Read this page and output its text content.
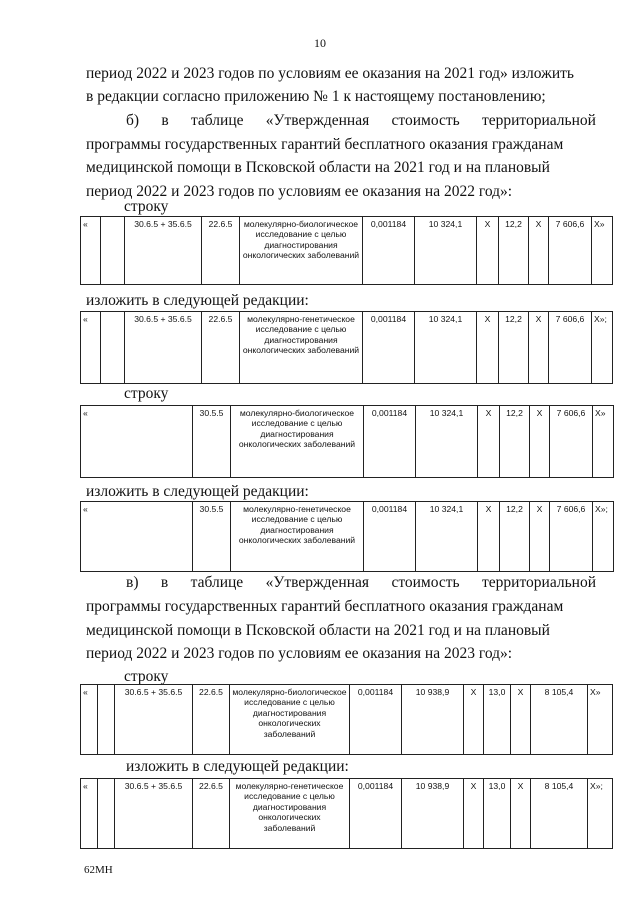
10
период 2022 и 2023 годов по условиям ее оказания на 2021 год» изложить
в редакции согласно приложению № 1 к настоящему постановлению;
б) в таблице «Утвержденная стоимость территориальной
программы государственных гарантий бесплатного оказания гражданам
медицинской помощи в Псковской области на 2021 год и на плановый
период 2022 и 2023 годов по условиям ее оказания на 2022 год»:
строку
«		30.6.5 + 35.6.5	22.6.5	молекулярно-биологическое исследование с целью диагностирования онкологических заболеваний	0,001184	10 324,1	X	12,2	X	7 606,6	X»
изложить в следующей редакции:
«		30.6.5 + 35.6.5	22.6.5	молекулярно-генетическое исследование с целью диагностирования онкологических заболеваний	0,001184	10 324,1	X	12,2	X	7 606,6	X»;
строку
«	30.5.5	молекулярно-биологическое исследование с целью диагностирования онкологических заболеваний	0,001184	10 324,1	X	12,2	X	7 606,6	X»
изложить в следующей редакции:
«	30.5.5	молекулярно-генетическое исследование с целью диагностирования онкологических заболеваний	0,001184	10 324,1	X	12,2	X	7 606,6	X»;
в) в таблице «Утвержденная стоимость территориальной
программы государственных гарантий бесплатного оказания гражданам
медицинской помощи в Псковской области на 2021 год и на плановый
период 2022 и 2023 годов по условиям ее оказания на 2023 год»:
строку
«		30.6.5 + 35.6.5	22.6.5	молекулярно-биологическое исследование с целью диагностирования онкологических заболеваний	0,001184	10 938,9	X	13,0	X	8 105,4	X»
изложить в следующей редакции:
«		30.6.5 + 35.6.5	22.6.5	молекулярно-генетическое исследование с целью диагностирования онкологических заболеваний	0,001184	10 938,9	X	13,0	X	8 105,4	X»;
62МН
